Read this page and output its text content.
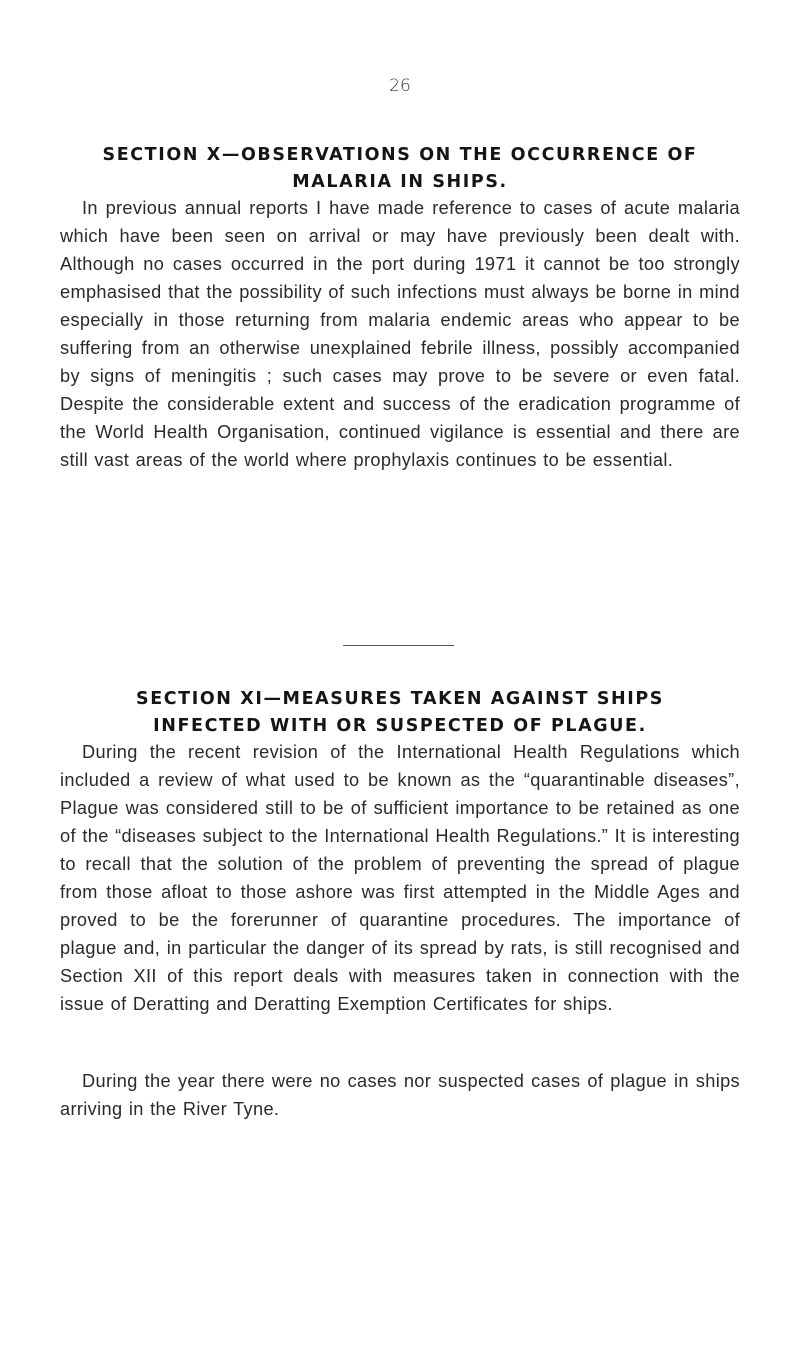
26
SECTION X—OBSERVATIONS ON THE OCCURRENCE OF
MALARIA IN SHIPS.

In previous annual reports I have made reference to cases of acute malaria which have been seen on arrival or may have previously been dealt with. Although no cases occurred in the port during 1971 it cannot be too strongly emphasised that the possibility of such infections must always be borne in mind especially in those returning from malaria endemic areas who appear to be suffering from an otherwise unexplained febrile illness, possibly accompanied by signs of meningitis ; such cases may prove to be severe or even fatal. Despite the considerable extent and success of the eradication programme of the World Health Organisation, continued vigilance is essential and there are still vast areas of the world where prophylaxis continues to be essential.

SECTION XI—MEASURES TAKEN AGAINST SHIPS
INFECTED WITH OR SUSPECTED OF PLAGUE.

During the recent revision of the International Health Regulations which included a review of what used to be known as the “quarantinable diseases”, Plague was considered still to be of sufficient importance to be retained as one of the “diseases subject to the International Health Regulations.” It is interesting to recall that the solution of the problem of preventing the spread of plague from those afloat to those ashore was first attempted in the Middle Ages and proved to be the forerunner of quarantine procedures. The importance of plague and, in particular the danger of its spread by rats, is still recognised and Section XII of this report deals with measures taken in connection with the issue of Deratting and Deratting Exemption Certificates for ships.

During the year there were no cases nor suspected cases of plague in ships arriving in the River Tyne.
